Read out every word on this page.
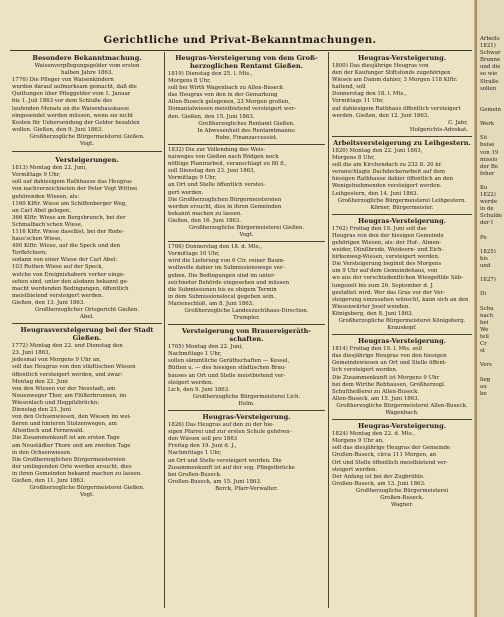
Gerichtliche und Privat-Bekanntmachungen.
Besondere Bekanntmachung.
Waisenverpflegungsgelder vom ersten
halben Jahre 1863.
1776) Die Pfleger von Waisenkindern
werden darauf aufmerksam gemacht, daß die
Quittungen über Pfleggelder vom 1. Januar
bis 1. Juli 1863 vor dem Schluße des
laufenden Monats an die Waisenhauskasse
eingesendet werden müssen, wenn sie nicht
Kosten für Uebersendung der Gelder bezahlen
wollen. Gießen, den 9. Juni 1863.
Großherzogliche Bürgermeisterei Gießen.
Vogt.
Versteigerungen.
1813) Montag den 22. Juni,
Vormittags 9 Uhr,
soll auf dahiesigem Rathhause das Heugras
von nachverzeichneten der Peter Vogt Wittwe
gehörenden Wiesen, als:
1160 Klftr. Wiese am Schiffenberger Weg,
an Carl Abel gelegen,
366 Klftr. Wiese am Bergsbrunch, bei der
Schmalbach'schen Wiese,
1116 Klftr. Wiese daselbst, bei der Rode-
haus'schen Wiese,
490 Klftr. Wiese, auf die Speck und den
Torfköchern;
sodann von einer Wiese der Carl Abel:
103 Ruthen Wiese auf der Speck,
welche von Ereignishabern vorher einge-
sehen sind, unter den alsdann bekannt ge-
macht werdenden Bedingungen, öffentlich
meistbietend versteigert werden.
Gießen, den 13. Juni 1863.
Großherzoglicher Ortsgericht Gießen.
Abel.
Heugrasversteigerung bei der Stadt Gießen.
1772) Montag den 22. und Dienstag den
23. Juni 1863,
jedesmal von Morgens 9 Uhr an,
soll das Heugras von den städtischen Wiesen
öffentlich versteigert werden, und zwar:
Montag den 22. Juni
von den Wiesen vor der Neustadt, am
Neuenweger Thor, am Flüßerbrunnen, im
Wiesenlach und Hegpilzbrückn;
Dienstag den 23. Juni
von den Ochsenwiesen, den Wiesen im wei-
ßeren und hinteren Stolzenwegen, am
Altentisch und Fernewald.
Die Zusammenkunft ist am ersten Tage
am Neustädter Thore und am zweiten Tage
in den Ochsenwiesen.
Die Großherzoglichen Bürgermeistereien
der umliegenden Orte werden ersucht, dies
in ihren Gemeinden bekannt machen zu lassen.
Gießen, den 11. Juni 1863.
Großherzogliche Bürgermeisterei Gießen.
Vogt.
Heugras-Versteigerung von dem Groß- herzoglichen Rentamt Gießen.
1819) Dienstag den 25. l. Mts.,
Morgens 8 Uhr,
soll bei Wirth Wagenbach zu Allen-Buseck
das Heugras von den in der Gemarkung
Allen-Buseck gelegenen, 23 Morgen großen,
Domanialwiesen meistbietend versteigert wer-
den. Gießen, den 15. Juni 1863.
Großherzogliches Rentamt Gießen.
In Abwesenheit des Rentamtmanns:
Rube, Finanzaccessist.
1832) Die zur Vollendung des Weis-
naiweges von Gießen nach Rödgen noch
nöthige Planirarbeit, veranschlagt zu 80 fl.,
soll Dienstag den 23. Juni 1863,
Vormittags 9 Uhr,
an Ort und Stelle öffentlich verstei-
gert werden.
Die Großherzoglichen Bürgermeistereien
werden ersucht, dies in ihren Gemeinden
bekannt machen zu lassen.
Gießen, den 16. Juni 1863.
Großherzogliche Bürgermeisterei Gießen.
Vogt.
1766) Donnerstag den 18. d. Mts.,
Vormittags 10 Uhr,
wird die Lieferung von 6 Ctr. reiner Baum-
wollwolle dahier im Submissionswege ver-
geben. Die Bedingungen sind im unter-
zeichneter Behörde eingesehen und müssen
die Submissionen bis zu obigem Termin
in dem Submissionslocal gegeben sein.
Marienschloß, am 8. Juni 1863.
Großherzogliche Landeszuchthaus-Direction.
Trumpler.
Versteigerung von Brauereigeräth- schaften.
1765) Montag den 22. Juni,
Nachmittags 1 Uhr,
sollen sämmtliche Geräthschaften — Kessel,
Bütten u. — des hiesigen städtischen Brau-
hauses an Ort und Stelle meistbietend ver-
steigert werden.
Lich, den 9. Juni 1863.
Großherzogliche Bürgermeisterei Lich.
Helm.
Heugras-Versteigerung.
1826) Das Heugras auf den zu der hie-
sigen Pfarrei und zur ersten Schule gehören-
den Wiesen soll pro 1863
Freitag den 19. Juni d. J.,
Nachmittags 1 Uhr,
an Ort und Stelle versteigert werden. Die
Zusammenkunft ist auf der sog. Pfingstbrücke
bei Großen-Buseck.
Großen-Buseck, am 15. Juni 1863.
Berck, Pfarr-Verwalter.
Heugras-Versteigerung.
1800) Das diesjährige Heugras von
den der Kaufunger Stiftsfonds zugehörigen
Wiesen am Damm dahier, 3 Morgen 118 Klftr.
haltend, soll
Donnerstag den 18. l. Mts.,
Vormittags 11 Uhr,
auf dahiesigem Rathhaus öffentlich versteigert
werden. Gießen, den 12. Juni 1863.
C. Jahr,
Hofgerichts-Advokat.
Arbeitsversteigerung zu Leihgestern.
1820) Montag den 22. Juni 1863,
Morgens 8 Uhr,
soll die am Kirchendach zu 232 fl. 20 kr.
veranschlagte Dachdeckerarbeit auf dem
hiesigen Rathhause dahier öffentlich an den
Wenigstnehmenden versteigert werden.
Leihgestern, den 14. Juni 1863.
Großherzogliche Bürgermeisterei Leihgestern.
Körner, Bürgermeister.
Heugras-Versteigerung.
1762) Freitag den 19. Juni soll das
Heugras von den der hiesigen Gemeinde
gehörigen Wiesen, als: der Hof-, Almen-
weider, Dünßbrede, Weidoorn- und Eich-
birkenweg-Wiesen, versteigert werden.
Die Versteigerung beginnt des Morgens
um 9 Uhr auf dem Gemeindehaus, von
wo aus der verschiedentlichen Wiesgefilde Süb-
lungszeit bis zum 26. September d. J.
gestattet wird. Wer das Gras vor der Ver-
steigerung einzusehen wünscht, kann sich an den
Wiesenwärter Josef wenden.
Königsberg, den 8. Juni 1863.
Großherzogliche Bürgermeisterei Königsberg.
Krauskopf.
Heugras-Versteigerung.
1814) Freitag den 19. l. Mts. soll
das diesjährige Heugras von den hiesigen
Gemeindewiesen an Ort und Stelle öffent-
lich versteigert werden.
Die Zusammenkunft ist Morgens 9 Uhr
bei dem Wirthe Rehhausen, Großherzogl.
Schultheißerei zu Allen-Buseck.
Allen-Buseck, am 15. Juni 1863.
Großherzogliche Bürgermeisterei Allen-Buseck.
Wagenbach.
Heugras-Versteigerung.
1824) Montag den 22. d. Mts.,
Morgens 9 Uhr an,
soll das diesjährige Heugras der Gemeinde
Großen-Buseck, circa 111 Morgen, an
Ort und Stelle öffentlich meistbietend ver-
steigert werden.
Der Anfang ist bei der Zugbrühle.
Großen-Buseck, am 13. Juni 1863.
Großherzogliche Bürgermeisterei
Großen-Buseck.
Wagner.
Arbeits
1821)
Schwar
Brunne
und die
so wie
Straße
sollen

Gemein

Werk

Sö
beise
von 19
missio
der Be
feher

Ku
1822)
werde
in de
Schulde
der I

Po

1825)
bis
und

1827)

Di

Schu
nach
bei
We
teil
Cr
st

Vers

lieg
au
be
